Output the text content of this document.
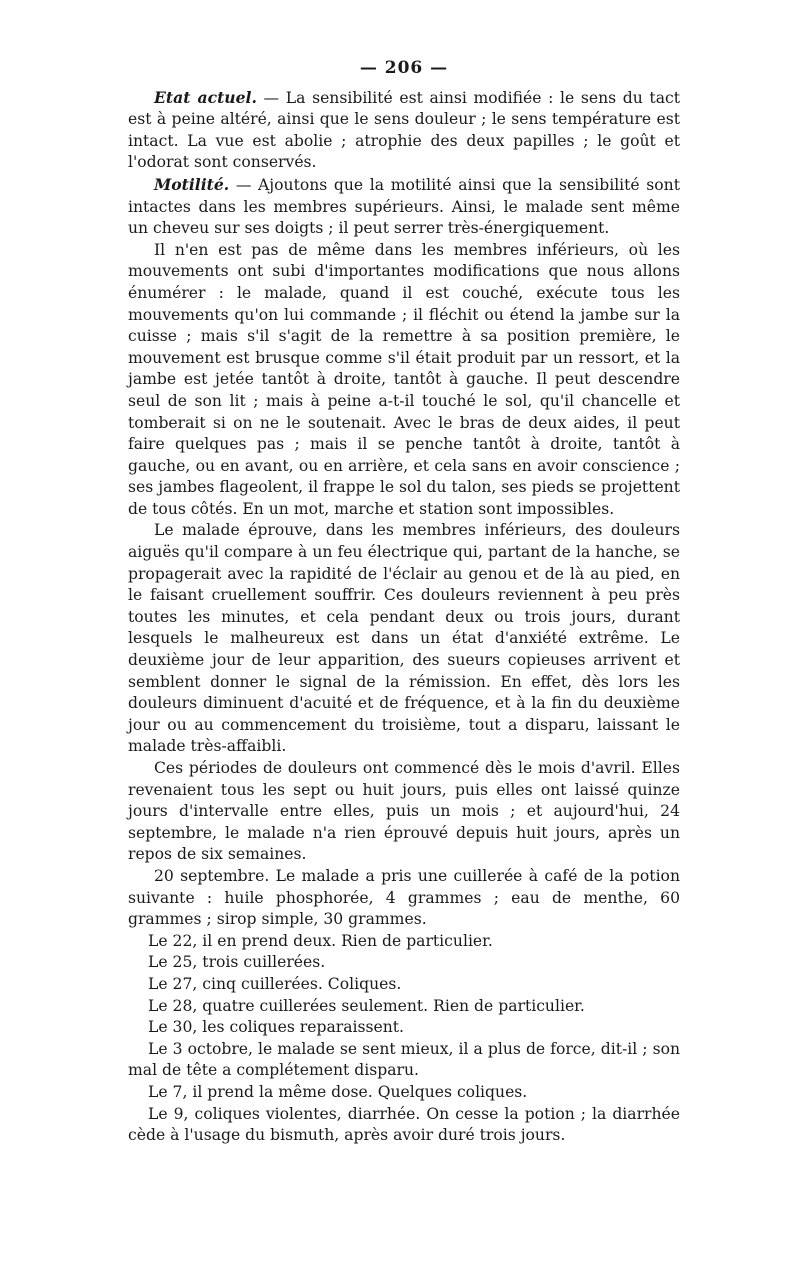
— 206 —

Etat actuel. — La sensibilité est ainsi modifiée : le sens du tact est à peine altéré, ainsi que le sens douleur ; le sens température est intact. La vue est abolie ; atrophie des deux papilles ; le goût et l'odorat sont conservés.

Motilité. — Ajoutons que la motilité ainsi que la sensibilité sont intactes dans les membres supérieurs. Ainsi, le malade sent même un cheveu sur ses doigts ; il peut serrer très-énergiquement.

Il n'en est pas de même dans les membres inférieurs, où les mouvements ont subi d'importantes modifications que nous allons énumérer : le malade, quand il est couché, exécute tous les mouvements qu'on lui commande ; il fléchit ou étend la jambe sur la cuisse ; mais s'il s'agit de la remettre à sa position première, le mouvement est brusque comme s'il était produit par un ressort, et la jambe est jetée tantôt à droite, tantôt à gauche. Il peut descendre seul de son lit ; mais à peine a-t-il touché le sol, qu'il chancelle et tomberait si on ne le soutenait. Avec le bras de deux aides, il peut faire quelques pas ; mais il se penche tantôt à droite, tantôt à gauche, ou en avant, ou en arrière, et cela sans en avoir conscience ; ses jambes flageolent, il frappe le sol du talon, ses pieds se projettent de tous côtés. En un mot, marche et station sont impossibles.

Le malade éprouve, dans les membres inférieurs, des douleurs aiguës qu'il compare à un feu électrique qui, partant de la hanche, se propagerait avec la rapidité de l'éclair au genou et de là au pied, en le faisant cruellement souffrir. Ces douleurs reviennent à peu près toutes les minutes, et cela pendant deux ou trois jours, durant lesquels le malheureux est dans un état d'anxiété extrême. Le deuxième jour de leur apparition, des sueurs copieuses arrivent et semblent donner le signal de la rémission. En effet, dès lors les douleurs diminuent d'acuité et de fréquence, et à la fin du deuxième jour ou au commencement du troisième, tout a disparu, laissant le malade très-affaibli.

Ces périodes de douleurs ont commencé dès le mois d'avril. Elles revenaient tous les sept ou huit jours, puis elles ont laissé quinze jours d'intervalle entre elles, puis un mois ; et aujourd'hui, 24 septembre, le malade n'a rien éprouvé depuis huit jours, après un repos de six semaines.

20 septembre. Le malade a pris une cuillerée à café de la potion suivante : huile phosphorée, 4 grammes ; eau de menthe, 60 grammes ; sirop simple, 30 grammes.

Le 22, il en prend deux. Rien de particulier.

Le 25, trois cuillerées.

Le 27, cinq cuillerées. Coliques.

Le 28, quatre cuillerées seulement. Rien de particulier.

Le 30, les coliques reparaissent.

Le 3 octobre, le malade se sent mieux, il a plus de force, dit-il ; son mal de tête a complétement disparu.

Le 7, il prend la même dose. Quelques coliques.

Le 9, coliques violentes, diarrhée. On cesse la potion ; la diarrhée cède à l'usage du bismuth, après avoir duré trois jours.
